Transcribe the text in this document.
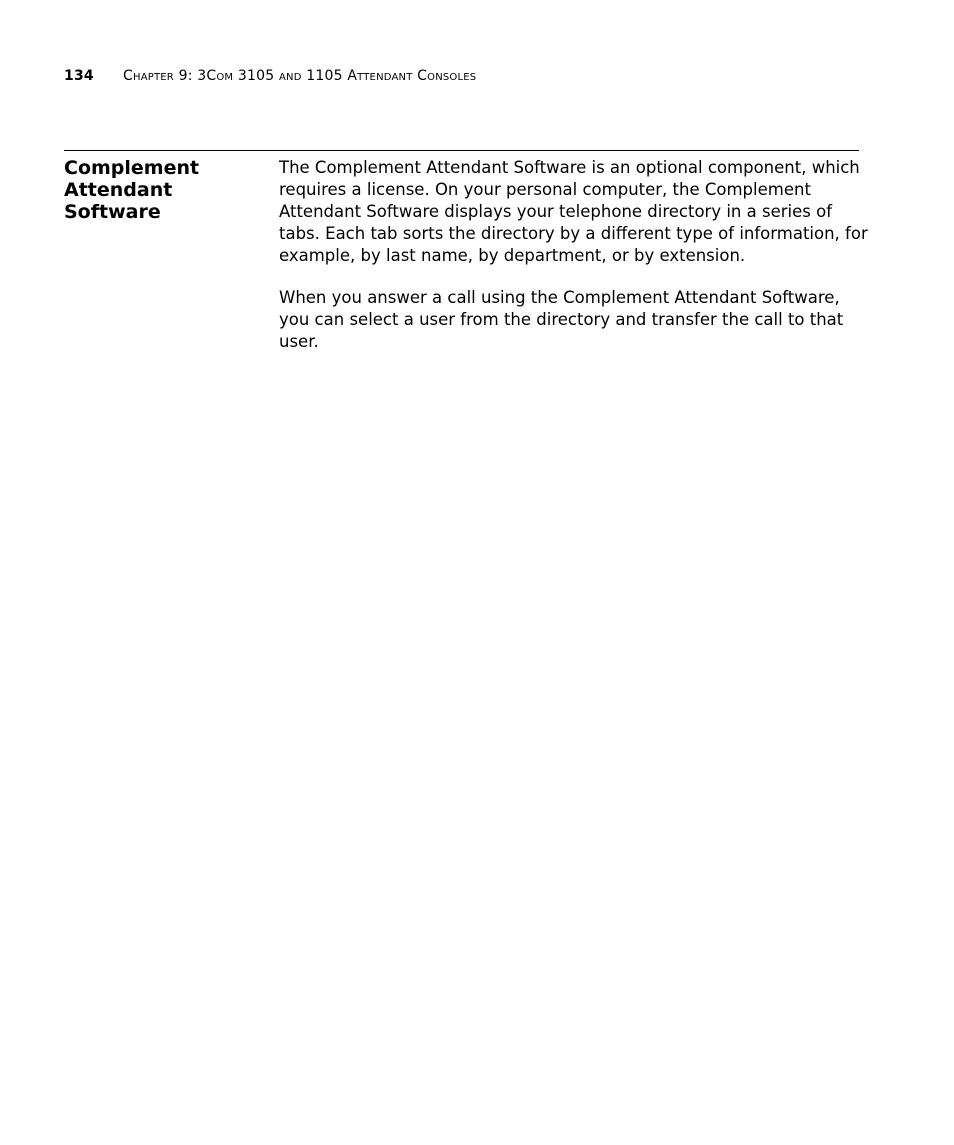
134 Chapter 9: 3Com 3105 and 1105 Attendant Consoles
Complement
Attendant
Software

The Complement Attendant Software is an optional component, which requires a license. On your personal computer, the Complement Attendant Software displays your telephone directory in a series of tabs. Each tab sorts the directory by a different type of information, for example, by last name, by department, or by extension.

When you answer a call using the Complement Attendant Software, you can select a user from the directory and transfer the call to that user.
